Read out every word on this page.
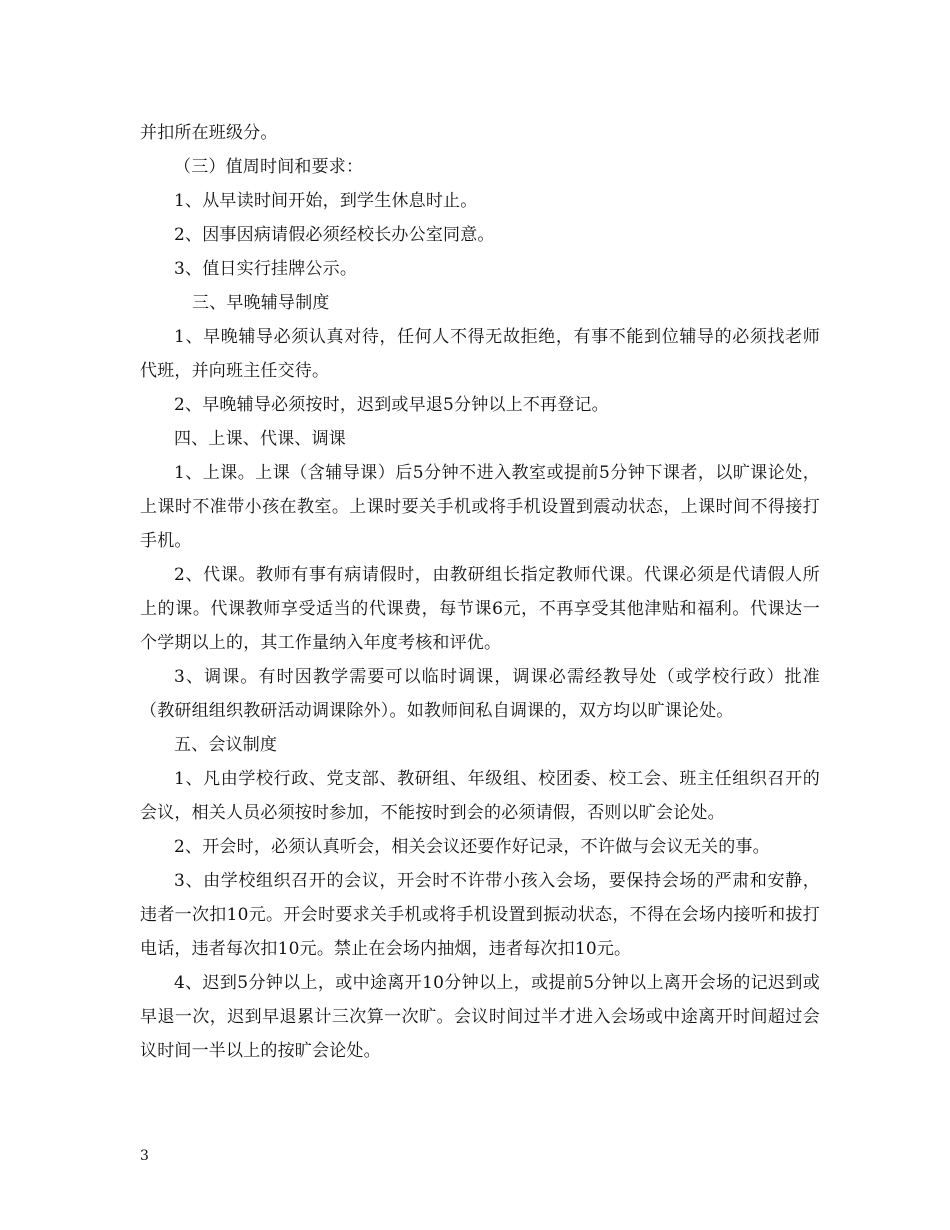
并扣所在班级分。

（三）值周时间和要求：

1、从早读时间开始，到学生休息时止。

2、因事因病请假必须经校长办公室同意。

3、值日实行挂牌公示。

三、早晚辅导制度

1、早晚辅导必须认真对待，任何人不得无故拒绝，有事不能到位辅导的必须找老师代班，并向班主任交待。

2、早晚辅导必须按时，迟到或早退5分钟以上不再登记。

四、上课、代课、调课

1、上课。上课（含辅导课）后5分钟不进入教室或提前5分钟下课者，以旷课论处，上课时不准带小孩在教室。上课时要关手机或将手机设置到震动状态，上课时间不得接打手机。

2、代课。教师有事有病请假时，由教研组长指定教师代课。代课必须是代请假人所上的课。代课教师享受适当的代课费，每节课6元，不再享受其他津贴和福利。代课达一个学期以上的，其工作量纳入年度考核和评优。

3、调课。有时因教学需要可以临时调课，调课必需经教导处（或学校行政）批准（教研组组织教研活动调课除外）。如教师间私自调课的，双方均以旷课论处。

五、会议制度

1、凡由学校行政、党支部、教研组、年级组、校团委、校工会、班主任组织召开的会议，相关人员必须按时参加，不能按时到会的必须请假，否则以旷会论处。

2、开会时，必须认真听会，相关会议还要作好记录，不许做与会议无关的事。

3、由学校组织召开的会议，开会时不许带小孩入会场，要保持会场的严肃和安静，违者一次扣10元。开会时要求关手机或将手机设置到振动状态，不得在会场内接听和拔打电话，违者每次扣10元。禁止在会场内抽烟，违者每次扣10元。

4、迟到5分钟以上，或中途离开10分钟以上，或提前5分钟以上离开会场的记迟到或早退一次，迟到早退累计三次算一次旷。会议时间过半才进入会场或中途离开时间超过会议时间一半以上的按旷会论处。

3
